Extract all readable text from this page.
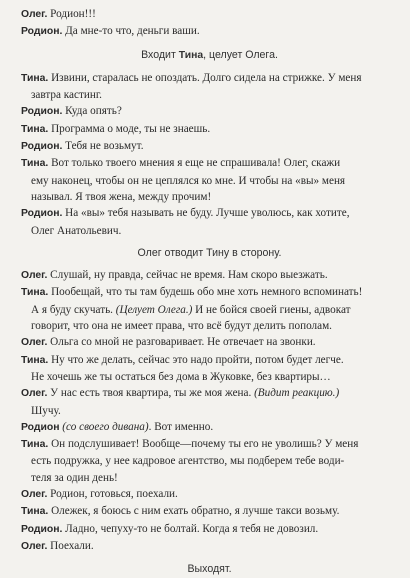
Олег. Родион!!!

Родион. Да мне-то что, деньги ваши.

Входит Тина, целует Олега.

Тина. Извини, старалась не опоздать. Долго сидела на стрижке. У меня

завтра кастинг.

Родион. Куда опять?

Тина. Программа о моде, ты не знаешь.

Родион. Тебя не возьмут.

Тина. Вот только твоего мнения я еще не спрашивала! Олег, скажи

ему наконец, чтобы он не цеплялся ко мне. И чтобы на «вы» меня

называл. Я твоя жена, между прочим!

Родион. На «вы» тебя называть не буду. Лучше уволюсь, как хотите,

Олег Анатольевич.

Олег отводит Тину в сторону.

Олег. Слушай, ну правда, сейчас не время. Нам скоро выезжать.

Тина. Пообещай, что ты там будешь обо мне хоть немного вспоминать!

А я буду скучать. (Целует Олега.) И не бойся своей гиены, адвокат

говорит, что она не имеет права, что всё будут делить пополам.

Олег. Ольга со мной не разговаривает. Не отвечает на звонки.

Тина. Ну что же делать, сейчас это надо пройти, потом будет легче.

Не хочешь же ты остаться без дома в Жуковке, без квартиры…

Олег. У нас есть твоя квартира, ты же моя жена. (Видит реакцию.)

Шучу.

Родион (со своего дивана). Вот именно.

Тина. Он подслушивает! Вообще—почему ты его не уволишь? У меня

есть подружка, у нее кадровое агентство, мы подберем тебе води-

теля за один день!

Олег. Родион, готовься, поехали.

Тина. Олежек, я боюсь с ним ехать обратно, я лучше такси возьму.

Родион. Ладно, чепуху-то не болтай. Когда я тебя не довозил.

Олег. Поехали.

Выходят.
